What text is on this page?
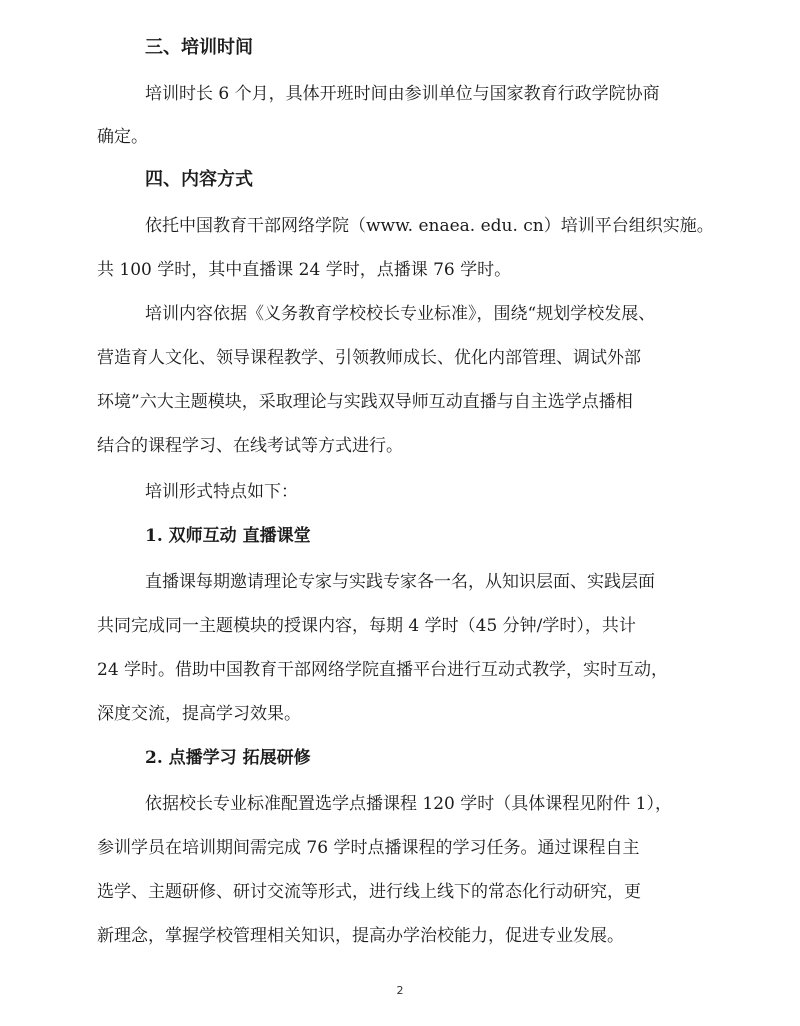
三、培训时间
培训时长 6 个月，具体开班时间由参训单位与国家教育行政学院协商
确定。
四、内容方式
依托中国教育干部网络学院（www. enaea. edu. cn）培训平台组织实施。
共 100 学时，其中直播课 24 学时，点播课 76 学时。
培训内容依据《义务教育学校校长专业标准》，围绕“规划学校发展、
营造育人文化、领导课程教学、引领教师成长、优化内部管理、调试外部
环境”六大主题模块，采取理论与实践双导师互动直播与自主选学点播相
结合的课程学习、在线考试等方式进行。
培训形式特点如下：
1. 双师互动 直播课堂
直播课每期邀请理论专家与实践专家各一名，从知识层面、实践层面
共同完成同一主题模块的授课内容，每期 4 学时（45 分钟/学时），共计
24 学时。借助中国教育干部网络学院直播平台进行互动式教学，实时互动，
深度交流，提高学习效果。
2. 点播学习 拓展研修
依据校长专业标准配置选学点播课程 120 学时（具体课程见附件 1），
参训学员在培训期间需完成 76 学时点播课程的学习任务。通过课程自主
选学、主题研修、研讨交流等形式，进行线上线下的常态化行动研究，更
新理念，掌握学校管理相关知识，提高办学治校能力，促进专业发展。
2
